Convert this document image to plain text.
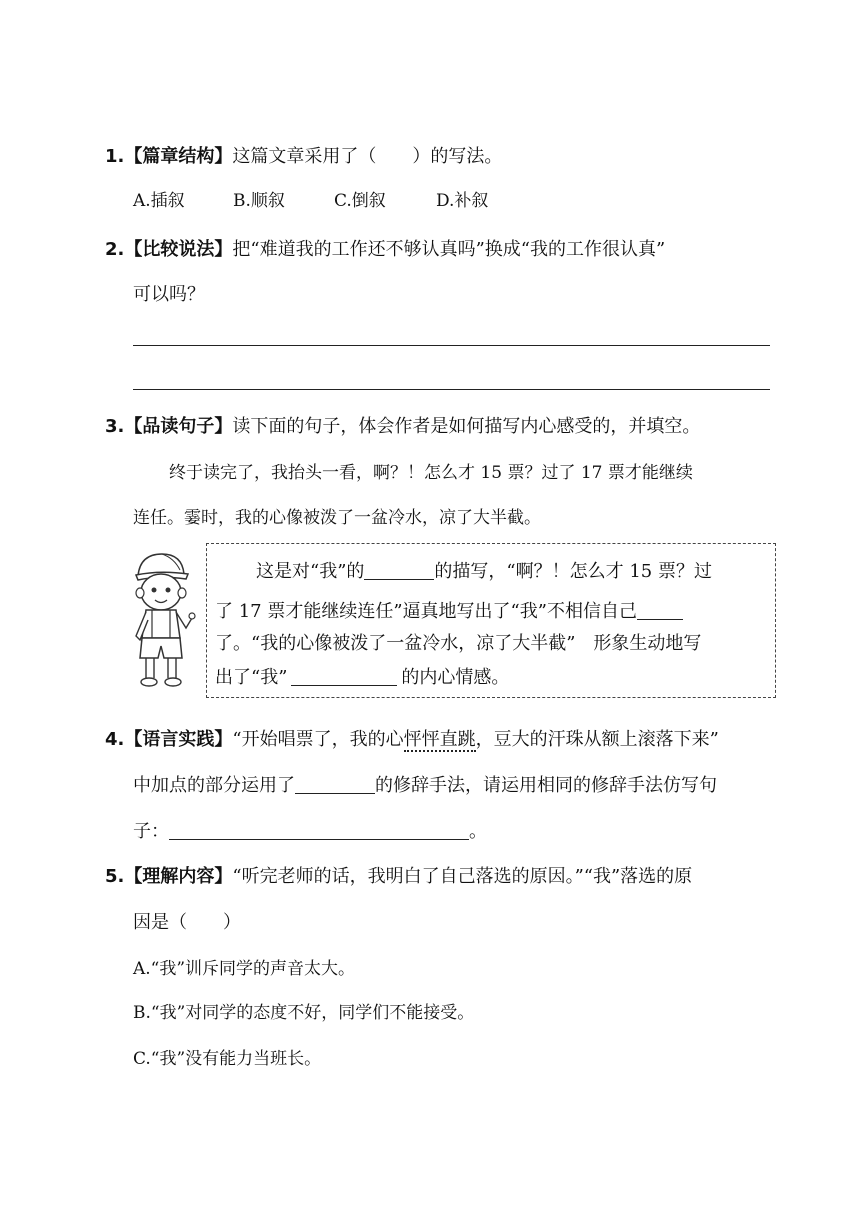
1.【篇章结构】这篇文章采用了（　　）的写法。
A.插叙	B.顺叙	C.倒叙	D.补叙
2.【比较说法】把“难道我的工作还不够认真吗”换成“我的工作很认真”
可以吗？
3.【品读句子】读下面的句子，体会作者是如何描写内心感受的，并填空。
终于读完了，我抬头一看，啊？！怎么才 15 票？过了 17 票才能继续
连任。霎时，我的心像被泼了一盆冷水，凉了大半截。
这是对“我”的	的描写，“啊？！怎么才 15 票？过
了 17 票才能继续连任”逼真地写出了“我”不相信自己
了。“我的心像被泼了一盆冷水，凉了大半截”　形象生动地写
出了“我”	的内心情感。
4.【语言实践】“开始唱票了，我的心怦怦直跳，豆大的汗珠从额上滚落下来”
中加点的部分运用了	的修辞手法，请运用相同的修辞手法仿写句
子：	。
5.【理解内容】“听完老师的话，我明白了自己落选的原因。”“我”落选的原
因是（　　）
A.“我”训斥同学的声音太大。
B.“我”对同学的态度不好，同学们不能接受。
C.“我”没有能力当班长。
